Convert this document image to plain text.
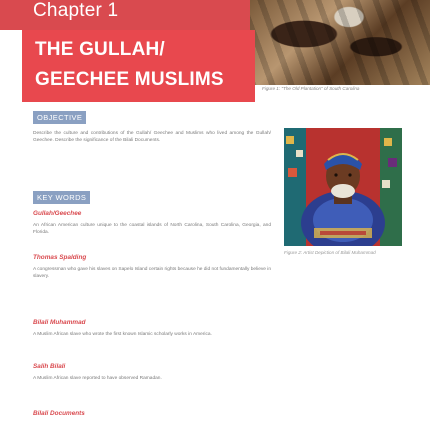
Chapter 1
THE GULLAH/
GEECHEE MUSLIMS	Figure 1: "The Old Plantation" of South Carolina
OBJECTIVE

Describe the culture and contributions of the Gullah/ Geechee and Muslims who lived among the Gullah/ Geechee. Describe the significance of the Bilali Documents.

KEY WORDS
Gullah/Geechee

An African American culture unique to the coastal islands of North Carolina, South Carolina, Georgia, and Florida.

Thomas Spalding

A congressman who gave his slaves on Sapelo Island certain rights because he did not fundamentally believe in slavery.

Bilali Muhammad

A Muslim African slave who wrote the first known Islamic scholarly works in America.

Salih Bilali

A Muslim African slave reported to have observed Ramadan.

Bilali Documents
Figure 2: Artist Depiction of Bilali Muhammad
